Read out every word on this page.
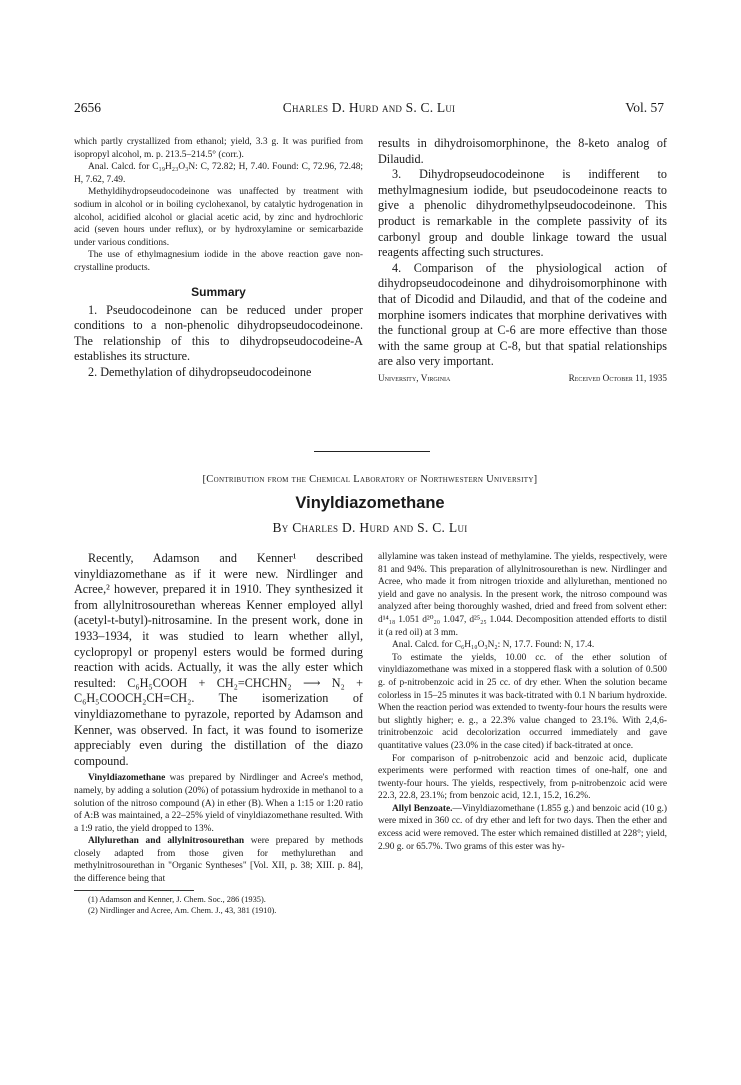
2656	Charles D. Hurd and S. C. Lui	Vol. 57

which partly crystallized from ethanol; yield, 3.3 g. It was purified from isopropyl alcohol, m. p. 213.5–214.5° (corr.).

Anal. Calcd. for C₁₉H₂₃O₃N: C, 72.82; H, 7.40. Found: C, 72.96, 72.48; H, 7.62, 7.49.

Methyldihydropseudocodeinone was unaffected by treatment with sodium in alcohol or in boiling cyclohexanol, by catalytic hydrogenation in alcohol, acidified alcohol or glacial acetic acid, by zinc and hydrochloric acid (seven hours under reflux), or by hydroxylamine or semicarbazide under various conditions.

The use of ethylmagnesium iodide in the above reaction gave non-crystalline products.

Summary

1. Pseudocodeinone can be reduced under proper conditions to a non-phenolic dihydropseudocodeinone. The relationship of this to dihydropseudocodeine-A establishes its structure.

2. Demethylation of dihydropseudocodeinone

results in dihydroisomorphinone, the 8-keto analog of Dilaudid.

3. Dihydropseudocodeinone is indifferent to methylmagnesium iodide, but pseudocodeinone reacts to give a phenolic dihydromethylpseudocodeinone. This product is remarkable in the complete passivity of its carbonyl group and double linkage toward the usual reagents affecting such structures.

4. Comparison of the physiological action of dihydropseudocodeinone and dihydroisomorphinone with that of Dicodid and Dilaudid, and that of the codeine and morphine isomers indicates that morphine derivatives with the functional group at C-6 are more effective than those with the same group at C-8, but that spatial relationships are also very important.

University, Virginia	Received October 11, 1935
[Contribution from the Chemical Laboratory of Northwestern University]
Vinyldiazomethane
By Charles D. Hurd and S. C. Lui

Recently, Adamson and Kenner¹ described vinyldiazomethane as if it were new. Nirdlinger and Acree,² however, prepared it in 1910. They synthesized it from allylnitrosourethan whereas Kenner employed allyl (acetyl-t-butyl)-nitrosamine. In the present work, done in 1933–1934, it was studied to learn whether allyl, cyclopropyl or propenyl esters would be formed during reaction with acids. Actually, it was the ally ester which resulted: C₆H₅COOH + CH₂=CHCHN₂ ⟶ N₂ + C₆H₅COOCH₂CH=CH₂. The isomerization of vinyldiazomethane to pyrazole, reported by Adamson and Kenner, was observed. In fact, it was found to isomerize appreciably even during the distillation of the diazo compound.

Vinyldiazomethane was prepared by Nirdlinger and Acree's method, namely, by adding a solution (20%) of potassium hydroxide in methanol to a solution of the nitroso compound (A) in ether (B). When a 1:15 or 1:20 ratio of A:B was maintained, a 22–25% yield of vinyldiazomethane resulted. With a 1:9 ratio, the yield dropped to 13%.

Allylurethan and allylnitrosourethan were prepared by methods closely adapted from those given for methylurethan and methylnitrosourethan in "Organic Syntheses" [Vol. XII, p. 38; XIII. p. 84], the difference being that

(1) Adamson and Kenner, J. Chem. Soc., 286 (1935).

(2) Nirdlinger and Acree, Am. Chem. J., 43, 381 (1910).

allylamine was taken instead of methylamine. The yields, respectively, were 81 and 94%. This preparation of allylnitrosourethan is new. Nirdlinger and Acree, who made it from nitrogen trioxide and allylurethan, mentioned no yield and gave no analysis. In the present work, the nitroso compound was analyzed after being thoroughly washed, dried and freed from solvent ether: d¹⁴₁₈ 1.051 d²⁰₂₀ 1.047, d²⁵₂₅ 1.044. Decomposition attended efforts to distil it (a red oil) at 3 mm.

Anal. Calcd. for C₆H₁₀O₃N₂: N, 17.7. Found: N, 17.4.

To estimate the yields, 10.00 cc. of the ether solution of vinyldiazomethane was mixed in a stoppered flask with a solution of 0.500 g. of p-nitrobenzoic acid in 25 cc. of dry ether. When the solution became colorless in 15–25 minutes it was back-titrated with 0.1 N barium hydroxide. When the reaction period was extended to twenty-four hours the results were but slightly higher; e. g., a 22.3% value changed to 23.1%. With 2,4,6-trinitrobenzoic acid decolorization occurred immediately and gave quantitative values (23.0% in the case cited) if back-titrated at once.

For comparison of p-nitrobenzoic acid and benzoic acid, duplicate experiments were performed with reaction times of one-half, one and twenty-four hours. The yields, respectively, from p-nitrobenzoic acid were 22.3, 22.8, 23.1%; from benzoic acid, 12.1, 15.2, 16.2%.

Allyl Benzoate.—Vinyldiazomethane (1.855 g.) and benzoic acid (10 g.) were mixed in 360 cc. of dry ether and left for two days. Then the ether and excess acid were removed. The ester which remained distilled at 228°; yield, 2.90 g. or 65.7%. Two grams of this ester was hy-
